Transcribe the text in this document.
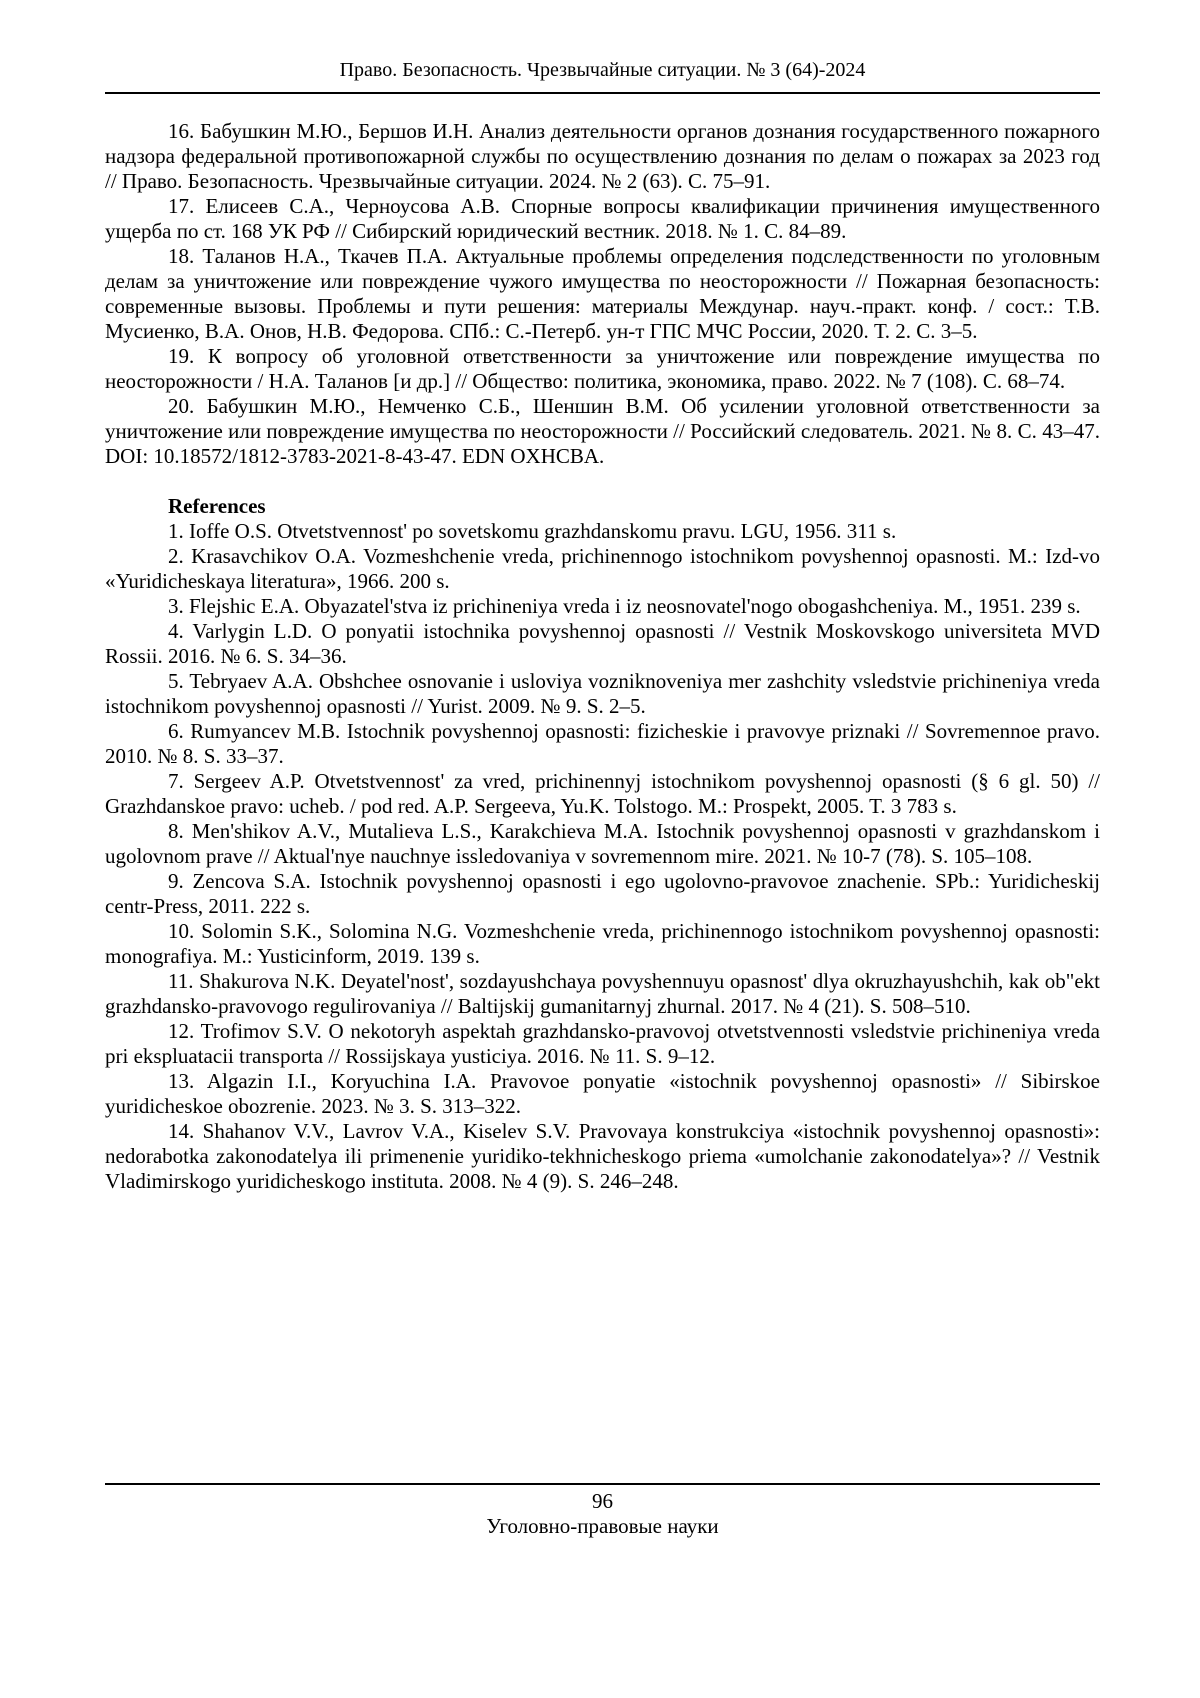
Право. Безопасность. Чрезвычайные ситуации. № 3 (64)-2024

16. Бабушкин М.Ю., Бершов И.Н. Анализ деятельности органов дознания государственного пожарного надзора федеральной противопожарной службы по осуществлению дознания по делам о пожарах за 2023 год // Право. Безопасность. Чрезвычайные ситуации. 2024. № 2 (63). С. 75–91.

17. Елисеев С.А., Черноусова А.В. Спорные вопросы квалификации причинения имущественного ущерба по ст. 168 УК РФ // Сибирский юридический вестник. 2018. № 1. С. 84–89.

18. Таланов Н.А., Ткачев П.А. Актуальные проблемы определения подследственности по уголовным делам за уничтожение или повреждение чужого имущества по неосторожности // Пожарная безопасность: современные вызовы. Проблемы и пути решения: материалы Междунар. науч.-практ. конф. / сост.: Т.В. Мусиенко, В.А. Онов, Н.В. Федорова. СПб.: С.-Петерб. ун-т ГПС МЧС России, 2020. Т. 2. С. 3–5.

19. К вопросу об уголовной ответственности за уничтожение или повреждение имущества по неосторожности / Н.А. Таланов [и др.] // Общество: политика, экономика, право. 2022. № 7 (108). С. 68–74.

20. Бабушкин М.Ю., Немченко С.Б., Шеншин В.М. Об усилении уголовной ответственности за уничтожение или повреждение имущества по неосторожности // Российский следователь. 2021. № 8. С. 43–47. DOI: 10.18572/1812-3783-2021-8-43-47. EDN OXHCBA.

References

1. Ioffe O.S. Otvetstvennost' po sovetskomu grazhdanskomu pravu. LGU, 1956. 311 s.

2. Krasavchikov O.A. Vozmeshchenie vreda, prichinennogo istochnikom povyshennoj opasnosti. M.: Izd-vo «Yuridicheskaya literatura», 1966. 200 s.

3. Flejshic E.A. Obyazatel'stva iz prichineniya vreda i iz neosnovatel'nogo obogashcheniya. M., 1951. 239 s.

4. Varlygin L.D. O ponyatii istochnika povyshennoj opasnosti // Vestnik Moskovskogo universiteta MVD Rossii. 2016. № 6. S. 34–36.

5. Tebryaev A.A. Obshchee osnovanie i usloviya vozniknoveniya mer zashchity vsledstvie prichineniya vreda istochnikom povyshennoj opasnosti // Yurist. 2009. № 9. S. 2–5.

6. Rumyancev M.B. Istochnik povyshennoj opasnosti: fizicheskie i pravovye priznaki // Sovremennoe pravo. 2010. № 8. S. 33–37.

7. Sergeev A.P. Otvetstvennost' za vred, prichinennyj istochnikom povyshennoj opasnosti (§ 6 gl. 50) // Grazhdanskoe pravo: ucheb. / pod red. A.P. Sergeeva, Yu.K. Tolstogo. M.: Prospekt, 2005. T. 3 783 s.

8. Men'shikov A.V., Mutalieva L.S., Karakchieva M.A. Istochnik povyshennoj opasnosti v grazhdanskom i ugolovnom prave // Aktual'nye nauchnye issledovaniya v sovremennom mire. 2021. № 10-7 (78). S. 105–108.

9. Zencova S.A. Istochnik povyshennoj opasnosti i ego ugolovno-pravovoe znachenie. SPb.: Yuridicheskij centr-Press, 2011. 222 s.

10. Solomin S.K., Solomina N.G. Vozmeshchenie vreda, prichinennogo istochnikom povyshennoj opasnosti: monografiya. M.: Yusticinform, 2019. 139 s.

11. Shakurova N.K. Deyatel'nost', sozdayushchaya povyshennuyu opasnost' dlya okruzhayushchih, kak ob"ekt grazhdansko-pravovogo regulirovaniya // Baltijskij gumanitarnyj zhurnal. 2017. № 4 (21). S. 508–510.

12. Trofimov S.V. O nekotoryh aspektah grazhdansko-pravovoj otvetstvennosti vsledstvie prichineniya vreda pri ekspluatacii transporta // Rossijskaya yusticiya. 2016. № 11. S. 9–12.

13. Algazin I.I., Koryuchina I.A. Pravovoe ponyatie «istochnik povyshennoj opasnosti» // Sibirskoe yuridicheskoe obozrenie. 2023. № 3. S. 313–322.

14. Shahanov V.V., Lavrov V.A., Kiselev S.V. Pravovaya konstrukciya «istochnik povyshennoj opasnosti»: nedorabotka zakonodatelya ili primenenie yuridiko-tekhnicheskogo priema «umolchanie zakonodatelya»? // Vestnik Vladimirskogo yuridicheskogo instituta. 2008. № 4 (9). S. 246–248.

96
Уголовно-правовые науки
